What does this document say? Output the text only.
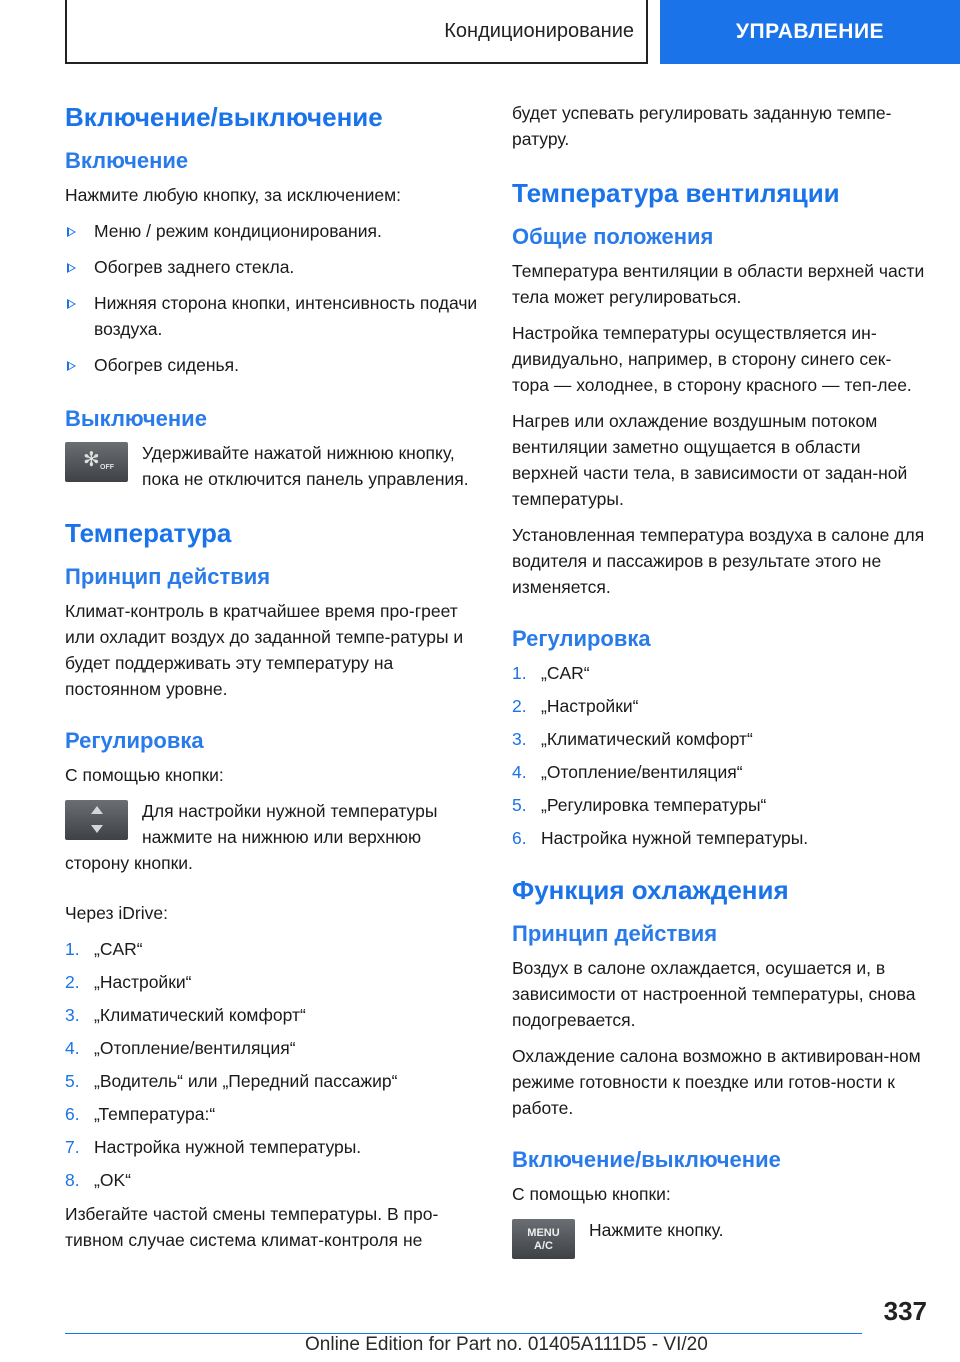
Кондиционирование	УПРАВЛЕНИЕ
Включение/выключение
Включение

Нажмите любую кнопку, за исключением:

Меню / режим кондиционирования.
Обогрев заднего стекла.
Нижняя сторона кнопки, интенсивность подачи воздуха.
Обогрев сиденья.
Выключение
✻ OFF

Удерживайте нажатой нижнюю кнопку, пока не отключится панель управления.

Температура
Принцип действия

Климат-контроль в кратчайшее время про-греет или охладит воздух до заданной темпе-ратуры и будет поддерживать эту температуру на постоянном уровне.

Регулировка

С помощью кнопки:

Для настройки нужной температуры нажмите на нижнюю или верхнюю сторону кнопки.

Через iDrive:

1. „CAR“
2. „Настройки“
3. „Климатический комфорт“
4. „Отопление/вентиляция“
5. „Водитель“ или „Передний пассажир“
6. „Температура:“
7. Настройка нужной температуры.
8. „OK“

Избегайте частой смены температуры. В про-тивном случае система климат-контроля не

будет успевать регулировать заданную темпе-ратуру.

Температура вентиляции
Общие положения

Температура вентиляции в области верхней части тела может регулироваться.

Настройка температуры осуществляется ин-дивидуально, например, в сторону синего сек-тора — холоднее, в сторону красного — теп-лее.

Нагрев или охлаждение воздушным потоком вентиляции заметно ощущается в области верхней части тела, в зависимости от задан-ной температуры.

Установленная температура воздуха в салоне для водителя и пассажиров в результате этого не изменяется.

Регулировка
1. „CAR“
2. „Настройки“
3. „Климатический комфорт“
4. „Отопление/вентиляция“
5. „Регулировка температуры“
6. Настройка нужной температуры.
Функция охлаждения
Принцип действия

Воздух в салоне охлаждается, осушается и, в зависимости от настроенной температуры, снова подогревается.

Охлаждение салона возможно в активирован-ном режиме готовности к поездке или готов-ности к работе.

Включение/выключение

С помощью кнопки:

MENU
A/C

Нажмите кнопку.

337
Online Edition for Part no. 01405A111D5 - VI/20
